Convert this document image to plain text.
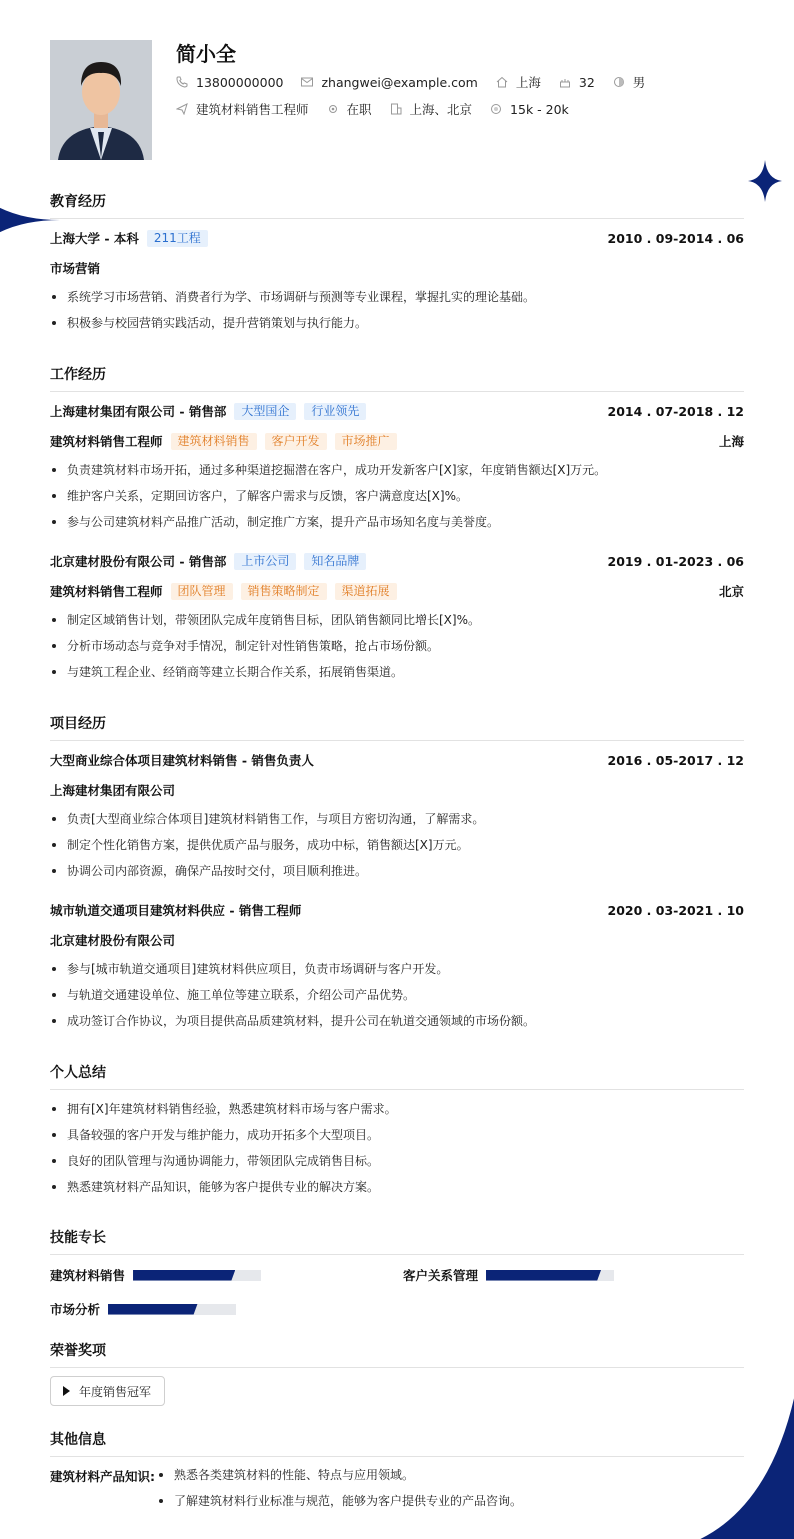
简小全
13800000000	zhangwei@example.com	上海	32	男
建筑材料销售工程师	在职	上海、北京	15k - 20k
教育经历
上海大学 - 本科	211工程	2010 . 09-2014 . 06
市场营销
系统学习市场营销、消费者行为学、市场调研与预测等专业课程，掌握扎实的理论基础。
积极参与校园营销实践活动，提升营销策划与执行能力。
工作经历
上海建材集团有限公司 - 销售部	大型国企	行业领先	2014 . 07-2018 . 12
建筑材料销售工程师	建筑材料销售	客户开发	市场推广	上海
负责建筑材料市场开拓，通过多种渠道挖掘潜在客户，成功开发新客户[X]家，年度销售额达[X]万元。
维护客户关系，定期回访客户，了解客户需求与反馈，客户满意度达[X]%。
参与公司建筑材料产品推广活动，制定推广方案，提升产品市场知名度与美誉度。
北京建材股份有限公司 - 销售部	上市公司	知名品牌	2019 . 01-2023 . 06
建筑材料销售工程师	团队管理	销售策略制定	渠道拓展	北京
制定区域销售计划，带领团队完成年度销售目标，团队销售额同比增长[X]%。
分析市场动态与竞争对手情况，制定针对性销售策略，抢占市场份额。
与建筑工程企业、经销商等建立长期合作关系，拓展销售渠道。
项目经历
大型商业综合体项目建筑材料销售 - 销售负责人	2016 . 05-2017 . 12
上海建材集团有限公司
负责[大型商业综合体项目]建筑材料销售工作，与项目方密切沟通，了解需求。
制定个性化销售方案，提供优质产品与服务，成功中标，销售额达[X]万元。
协调公司内部资源，确保产品按时交付，项目顺利推进。
城市轨道交通项目建筑材料供应 - 销售工程师	2020 . 03-2021 . 10
北京建材股份有限公司
参与[城市轨道交通项目]建筑材料供应项目，负责市场调研与客户开发。
与轨道交通建设单位、施工单位等建立联系，介绍公司产品优势。
成功签订合作协议，为项目提供高品质建筑材料，提升公司在轨道交通领域的市场份额。
个人总结
拥有[X]年建筑材料销售经验，熟悉建筑材料市场与客户需求。
具备较强的客户开发与维护能力，成功开拓多个大型项目。
良好的团队管理与沟通协调能力，带领团队完成销售目标。
熟悉建筑材料产品知识，能够为客户提供专业的解决方案。
技能专长
建筑材料销售	客户关系管理
市场分析
荣誉奖项
年度销售冠军
其他信息
建筑材料产品知识:	熟悉各类建筑材料的性能、特点与应用领域。
了解建筑材料行业标准与规范，能够为客户提供专业的产品咨询。
